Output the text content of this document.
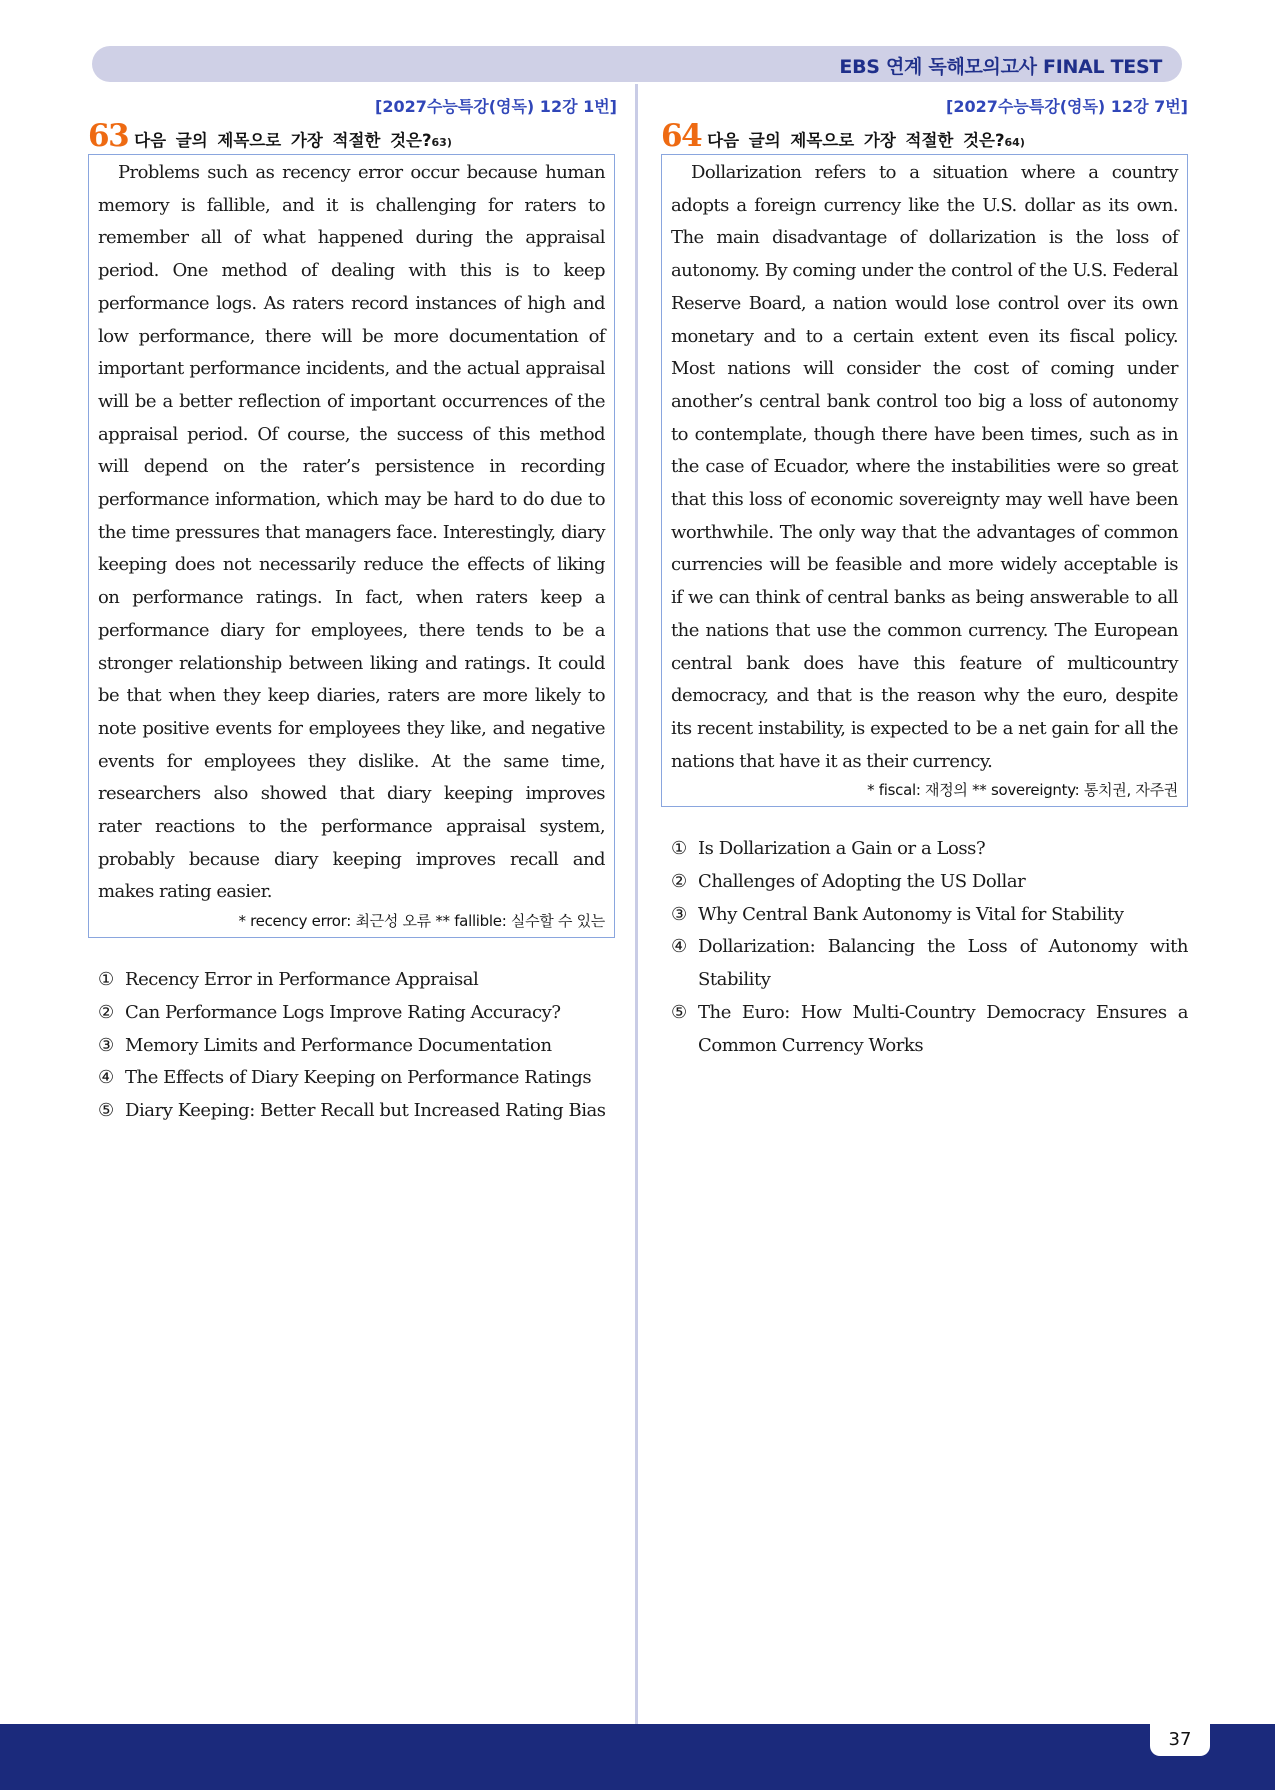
EBS 연계 독해모의고사 FINAL TEST
[2027수능특강(영독) 12강 1번]
63 다음 글의 제목으로 가장 적절한 것은? 63)

Problems such as recency error occur because human memory is fallible, and it is challenging for raters to remember all of what happened during the appraisal period. One method of dealing with this is to keep performance logs. As raters record instances of high and low performance, there will be more documentation of important performance incidents, and the actual appraisal will be a better reflection of important occurrences of the appraisal period. Of course, the success of this method will depend on the rater’s persistence in recording performance information, which may be hard to do due to the time pressures that managers face. Interestingly, diary keeping does not necessarily reduce the effects of liking on performance ratings. In fact, when raters keep a performance diary for employees, there tends to be a stronger relationship between liking and ratings. It could be that when they keep diaries, raters are more likely to note positive events for employees they like, and negative events for employees they dislike. At the same time, researchers also showed that diary keeping improves rater reactions to the performance appraisal system, probably because diary keeping improves recall and makes rating easier.

* recency error: 최근성 오류 ** fallible: 실수할 수 있는
① Recency Error in Performance Appraisal
② Can Performance Logs Improve Rating Accuracy?
③ Memory Limits and Performance Documentation
④ The Effects of Diary Keeping on Performance Ratings
⑤ Diary Keeping: Better Recall but Increased Rating Bias
[2027수능특강(영독) 12강 7번]
64 다음 글의 제목으로 가장 적절한 것은? 64)

Dollarization refers to a situation where a country adopts a foreign currency like the U.S. dollar as its own. The main disadvantage of dollarization is the loss of autonomy. By coming under the control of the U.S. Federal Reserve Board, a nation would lose control over its own monetary and to a certain extent even its fiscal policy. Most nations will consider the cost of coming under another’s central bank control too big a loss of autonomy to contemplate, though there have been times, such as in the case of Ecuador, where the instabilities were so great that this loss of economic sovereignty may well have been worthwhile. The only way that the advantages of common currencies will be feasible and more widely acceptable is if we can think of central banks as being answerable to all the nations that use the common currency. The European central bank does have this feature of multicountry democracy, and that is the reason why the euro, despite its recent instability, is expected to be a net gain for all the nations that have it as their currency.

* fiscal: 재정의 ** sovereignty: 통치권, 자주권
① Is Dollarization a Gain or a Loss?
② Challenges of Adopting the US Dollar
③ Why Central Bank Autonomy is Vital for Stability
④ Dollarization: Balancing the Loss of Autonomy with Stability
⑤ The Euro: How Multi-Country Democracy Ensures a Common Currency Works
37
